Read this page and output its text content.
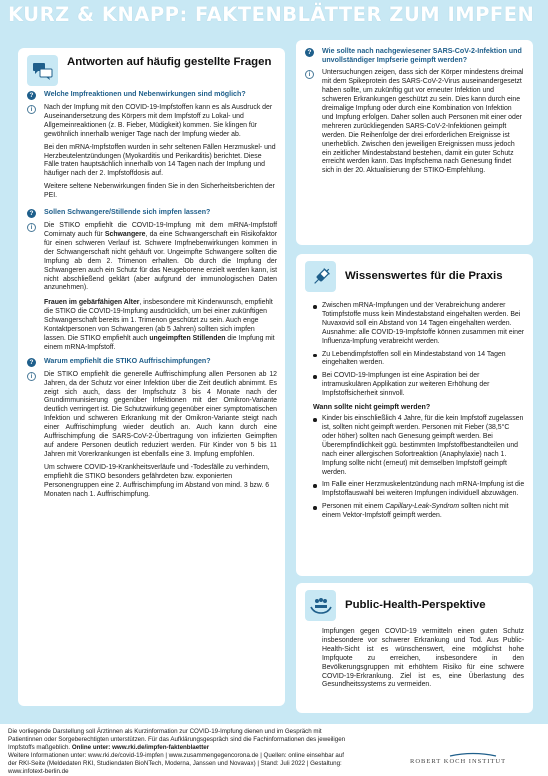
KURZ & KNAPP: FAKTENBLÄTTER ZUM IMPFEN
Antworten auf häufig gestellte Fragen
?	Welche Impfreaktionen und Nebenwirkungen sind möglich?
i	Nach der Impfung mit den COVID-19-Impfstoffen kann es als Ausdruck der Auseinandersetzung des Körpers mit dem Impfstoff zu Lokal- und Allgemeinreaktionen (z. B. Fieber, Müdigkeit) kommen. Sie klingen für gewöhnlich innerhalb weniger Tage nach der Impfung wieder ab.

Bei den mRNA-Impfstoffen wurden in sehr seltenen Fällen Herzmuskel- und Herzbeutelentzündungen (Myokarditis und Perikarditis) berichtet. Diese Fälle traten hauptsächlich innerhalb von 14 Tagen nach der Impfung und häufiger nach der 2. Impfstoffdosis auf.

Weitere seltene Nebenwirkungen finden Sie in den Sicherheitsberichten der PEI.

?	Sollen Schwangere/Stillende sich impfen lassen?
i	Die STIKO empfiehlt die COVID-19-Impfung mit dem mRNA-Impfstoff Comirnaty auch für Schwangere, da eine Schwangerschaft ein Risikofaktor für einen schweren Verlauf ist. Schwere Impfnebenwirkungen kommen in der Schwangerschaft nicht gehäuft vor. Ungeimpfte Schwangere sollten die Impfung ab dem 2. Trimenon erhalten. Ob durch die Impfung der Schwangeren auch ein Schutz für das Neugeborene erzielt werden kann, ist nicht abschließend geklärt (aber aufgrund der immunologischen Daten anzunehmen).

Frauen im gebärfähigen Alter, insbesondere mit Kinderwunsch, empfiehlt die STIKO die COVID-19-Impfung ausdrücklich, um bei einer zukünftigen Schwangerschaft bereits im 1. Trimenon geschützt zu sein. Auch enge Kontaktpersonen von Schwangeren (ab 5 Jahren) sollten sich impfen lassen. Die STIKO empfiehlt auch ungeimpften Stillenden die Impfung mit einem mRNA-Impfstoff.

?	Warum empfiehlt die STIKO Auffrischimpfungen?
i	Die STIKO empfiehlt die generelle Auffrischimpfung allen Personen ab 12 Jahren, da der Schutz vor einer Infektion über die Zeit deutlich abnimmt. Es zeigt sich auch, dass der Impfschutz 3 bis 4 Monate nach der Grundimmunisierung gegenüber Infektionen mit der Omikron-Variante deutlich verringert ist. Die Schutzwirkung gegenüber einer symptomatischen Infektion und schweren Erkrankung mit der Omikron-Variante steigt nach einer Auffrischimpfung wieder deutlich an. Auch kann durch eine Auffrischimpfung die SARS-CoV-2-Übertragung von infizierten Geimpften auf andere Personen deutlich reduziert werden. Für Kinder von 5 bis 11 Jahren mit Vorerkrankungen ist ebenfalls eine 3. Impfung empfohlen.

Um schwere COVID-19-Krankheitsverläufe und -Todesfälle zu verhindern, empfiehlt die STIKO besonders gefährdeten bzw. exponierten Personengruppen eine 2. Auffrischimpfung im Abstand von mind. 3 bzw. 6 Monaten nach 1. Auffrischimpfung.

?	Wie sollte nach nachgewiesener SARS-CoV-2-Infektion und unvollständiger Impfserie geimpft werden?
i	Untersuchungen zeigen, dass sich der Körper mindestens dreimal mit dem Spikeprotein des SARS-CoV-2-Virus auseinandergesetzt haben sollte, um zukünftig gut vor erneuter Infektion und schweren Erkrankungen geschützt zu sein. Dies kann durch eine dreimalige Impfung oder durch eine Kombination von Infektion und Impfung erfolgen. Daher sollen auch Personen mit einer oder mehreren zurückliegenden SARS-CoV-2-Infektionen geimpft werden. Die Reihenfolge der drei erforderlichen Ereignisse ist unerheblich. Zwischen den jeweiligen Ereignissen muss jedoch ein zeitlicher Mindestabstand bestehen, damit ein guter Schutz erreicht werden kann. Das Impfschema nach Genesung findet sich in der 20. Aktualisierung der STIKO-Empfehlung.

Wissenswertes für die Praxis
Zwischen mRNA-Impfungen und der Verabreichung anderer Totimpfstoffe muss kein Mindestabstand eingehalten werden. Bei Nuvaxovid soll ein Abstand von 14 Tagen eingehalten werden. Ausnahme: alle COVID-19-Impfstoffe können zusammen mit einer Influenza-Impfung verabreicht werden.
Zu Lebendimpfstoffen soll ein Mindestabstand von 14 Tagen eingehalten werden.
Bei COVID-19-Impfungen ist eine Aspiration bei der intramuskulären Applikation zur weiteren Erhöhung der Impfstoffsicherheit sinnvoll.
Wann sollte nicht geimpft werden?
Kinder bis einschließlich 4 Jahre, für die kein Impfstoff zugelassen ist, sollten nicht geimpft werden. Personen mit Fieber (38,5°C oder höher) sollten nach Genesung geimpft werden. Bei Überempfindlichkeit ggü. bestimmten Impfstoffbestandteilen und nach einer allergischen Sofortreaktion (Anaphylaxie) nach 1. Impfung sollte nicht (erneut) mit demselben Impfstoff geimpft werden.
Im Falle einer Herzmuskelentzündung nach mRNA-Impfung ist die Impfstoffauswahl bei weiteren Impfungen individuell abzuwägen.
Personen mit einem Capillary-Leak-Syndrom sollten nicht mit einem Vektor-Impfstoff geimpft werden.
Public-Health-Perspektive

Impfungen gegen COVID-19 vermitteln einen guten Schutz insbesondere vor schwerer Erkrankung und Tod. Aus Public-Health-Sicht ist es wünschenswert, eine möglichst hohe Impfquote zu erreichen, insbesondere in den Bevölkerungsgruppen mit erhöhtem Risiko für eine schwere COVID-19-Erkrankung. Ziel ist es, eine Überlastung des Gesundheitssystems zu vermeiden.

Die vorliegende Darstellung soll Ärztinnen als Kurzinformation zur COVID-19-Impfung dienen und im Gespräch mit
Patientinnen oder Sorgeberechtigten unterstützen. Für das Aufklärungsgespräch sind die Fachinformationen des jeweiligen
Impfstoffs maßgeblich. Online unter: www.rki.de/impfen-faktenblaetter
Weitere Informationen unter: www.rki.de/covid-19-impfen | www.zusammengegencorona.de | Quellen: online einsehbar auf
der RKI-Seite (Meldedaten RKI, Studiendaten BioNTech, Moderna, Janssen und Novavax) | Stand: Juli 2022 | Gestaltung:
www.infotext-berlin.de
ROBERT KOCH INSTITUT
